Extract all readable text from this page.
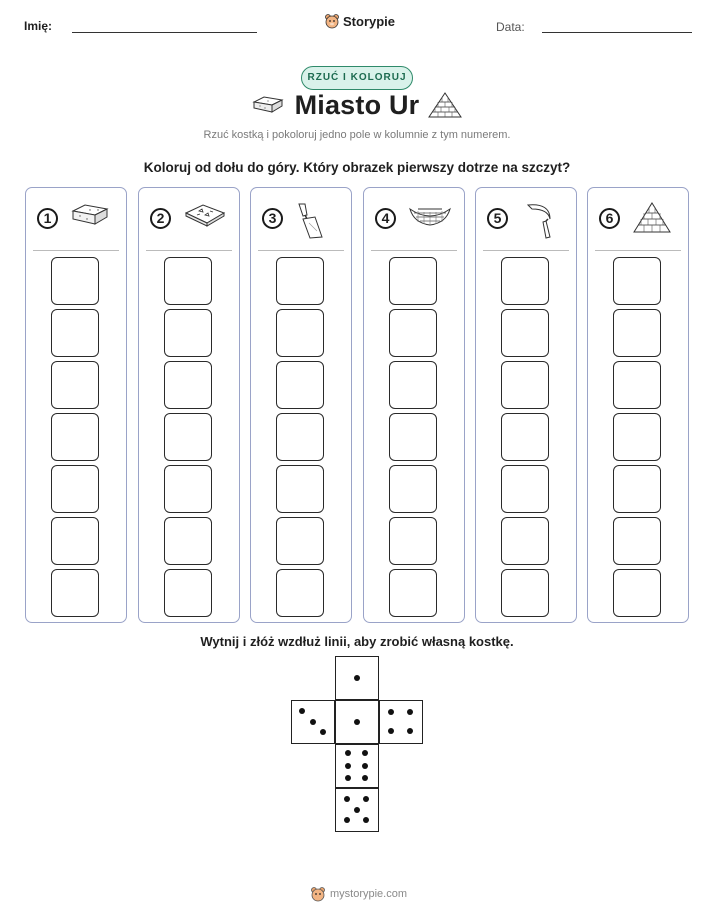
Imię:	Storypie	Data:
RZUĆ I KOLORUJ
Miasto Ur
Rzuć kostką i pokoloruj jedno pole w kolumnie z tym numerem.
Koloruj od dołu do góry. Który obrazek pierwszy dotrze na szczyt?
1	2	3	4	5	6
Wytnij i złóż wzdłuż linii, aby zrobić własną kostkę.
mystorypie.com
